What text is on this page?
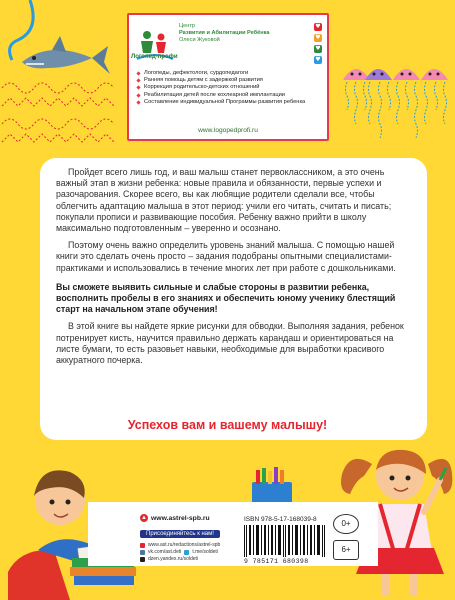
Логопед-профи
Центр
Развития и Абилитации Ребёнка
Олеси Жуковой
♥
♥
♥
♥
Логопеды, дефектологи, сурдопедагоги
Ранняя помощь детям с задержкой развития
Коррекция родительско-детских отношений
Реабилитация детей после кохлеарной имплантации
Составление индивидуальной Программы развития ребенка
www.logopedprofi.ru

Пройдет всего лишь год, и ваш малыш станет первоклассником, а это очень важный этап в жизни ребенка: новые правила и обязанности, первые успехи и разочарования. Скорее всего, вы как любящие родители сделали все, чтобы облегчить адаптацию малыша в этот период: учили его читать, считать и писать; покупали прописи и развивающие пособия. Ребенку важно прийти в школу максимально подготовленным – уверенно и осознано.

Поэтому очень важно определить уровень знаний малыша. С помощью нашей книги это сделать очень просто – задания подобраны опытными специалистами-практиками и использовались в течение многих лет при работе с дошкольниками.

Вы сможете выявить сильные и слабые стороны в развитии ребенка, восполнить пробелы в его знаниях и обеспечить юному ученику блестящий старт на начальном этапе обучения!

В этой книге вы найдете яркие рисунки для обводки. Выполняя задания, ребенок потренирует кисть, научится правильно держать карандаш и ориентироваться на листе бумаги, то есть разовьет навыки, необходимые для выработки красивого аккуратного почерка.

Успехов вам и вашему малышу!
▲ www.astrel-spb.ru
Присоединяйтесь к нам!
www.ast.ru/redactions/astrel-spb
vk.com/ast.deti t.me/soldeti
dzen.yandex.ru/soldeti
ISBN 978-5-17-168039-8
9 785171 680398
0+
6+
